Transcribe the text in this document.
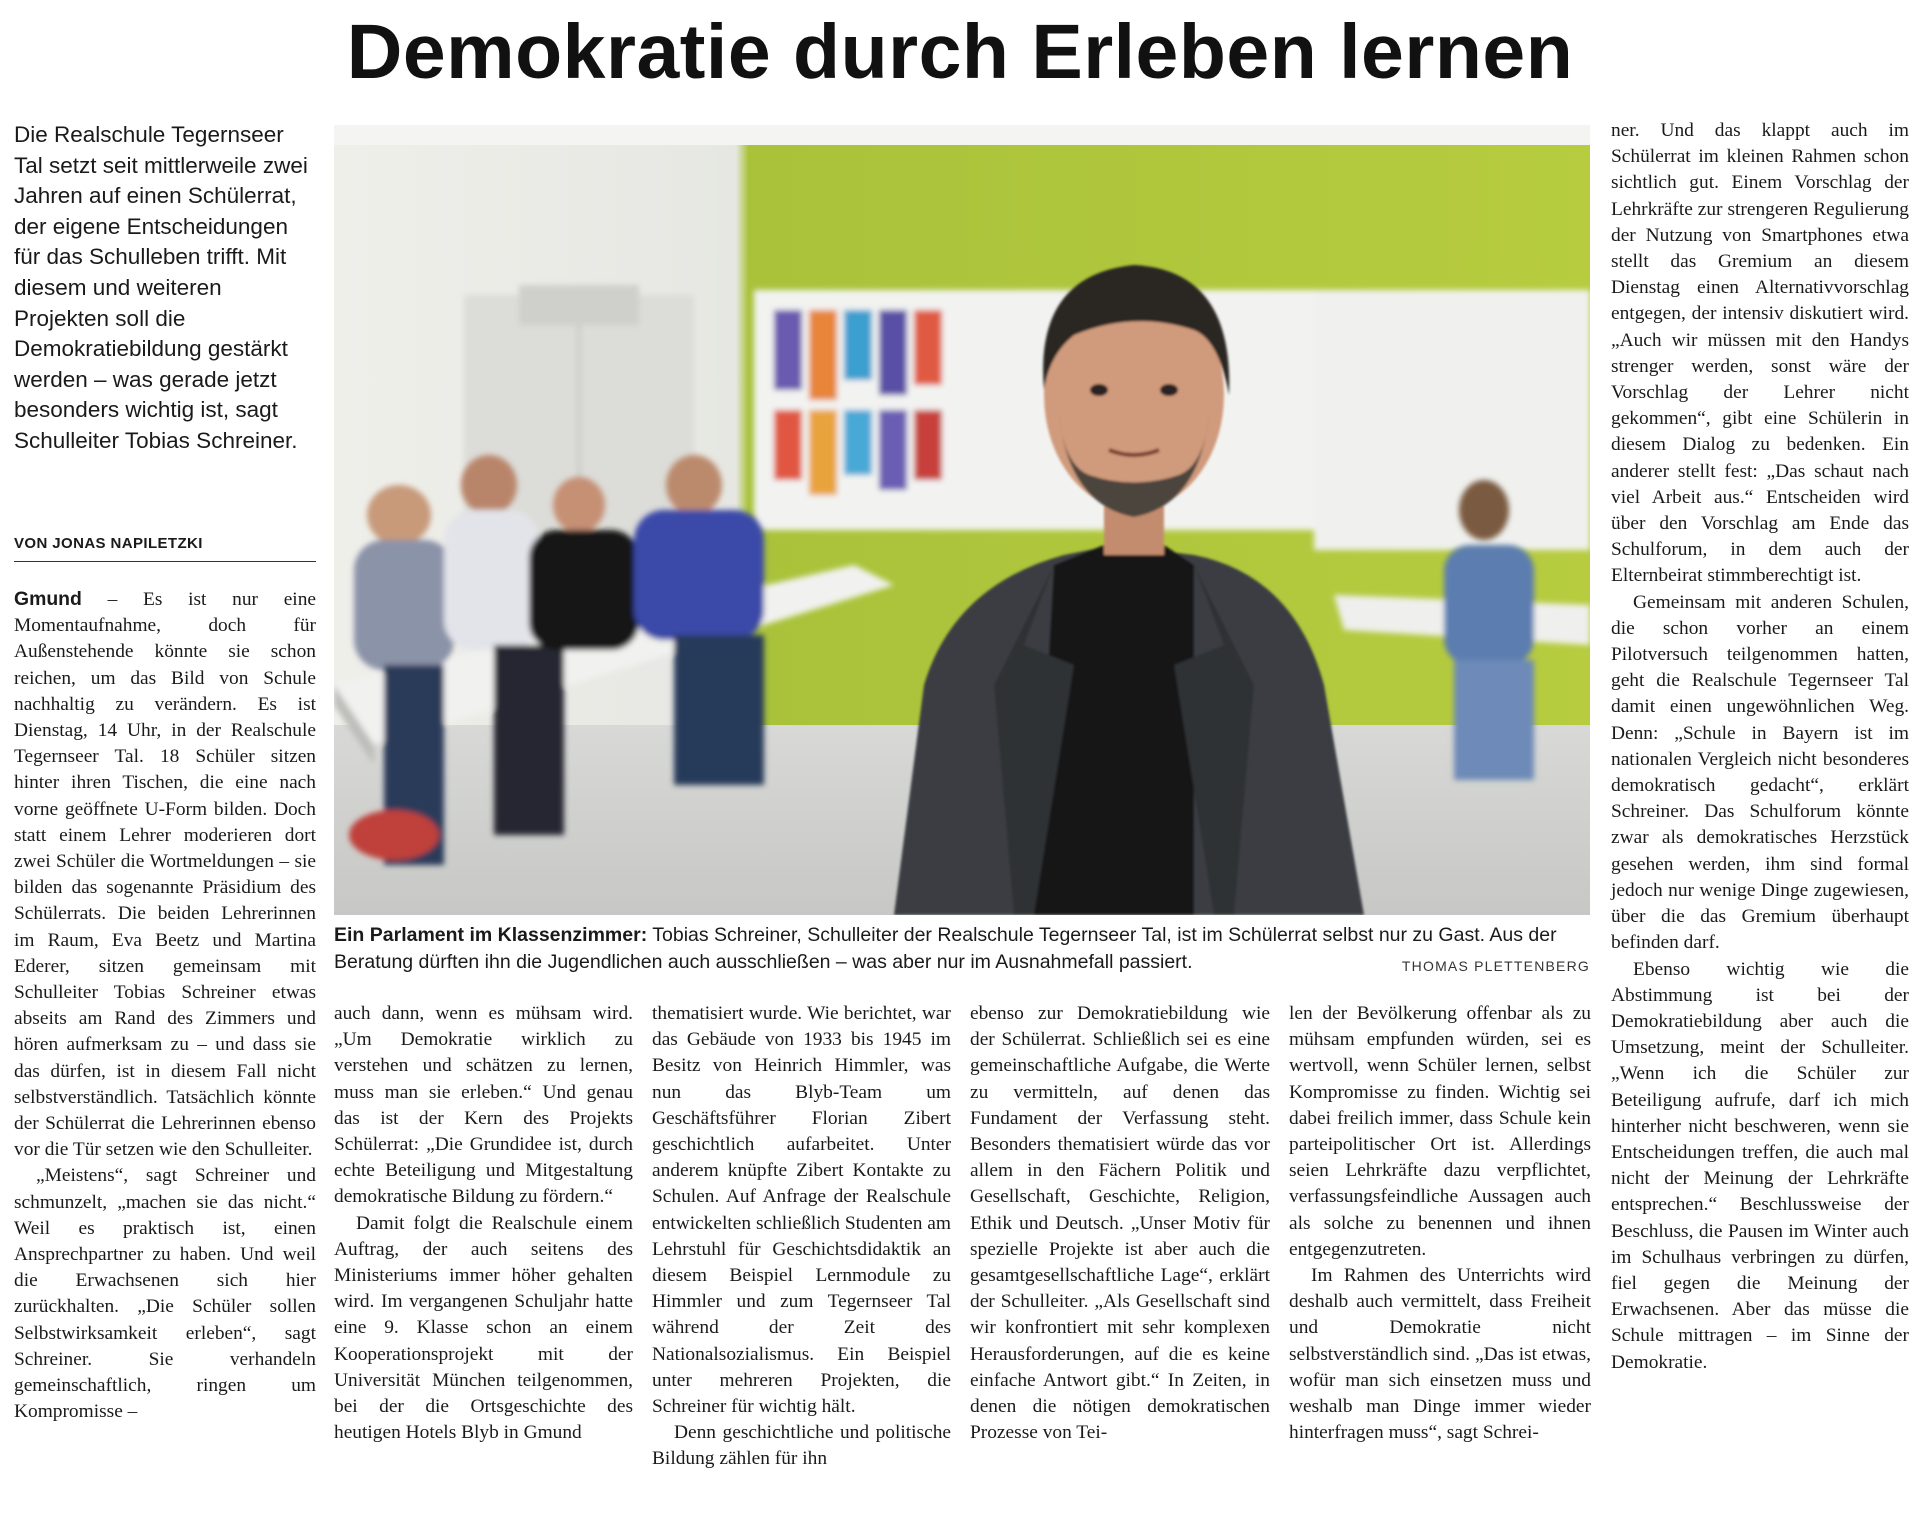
Demokratie durch Erleben lernen

Die Realschule Tegernseer Tal setzt seit mittlerweile zwei Jahren auf einen Schülerrat, der eigene Entscheidungen für das Schulleben trifft. Mit diesem und weiteren Projekten soll die Demokratiebildung gestärkt werden – was gerade jetzt besonders wichtig ist, sagt Schulleiter Tobias Schreiner.

VON JONAS NAPILETZKI

Gmund – Es ist nur eine Momentaufnahme, doch für Außenstehende könnte sie schon reichen, um das Bild von Schule nachhaltig zu verändern. Es ist Dienstag, 14 Uhr, in der Realschule Tegernseer Tal. 18 Schüler sitzen hinter ihren Tischen, die eine nach vorne geöffnete U-Form bilden. Doch statt einem Lehrer moderieren dort zwei Schüler die Wortmeldungen – sie bilden das sogenannte Präsidium des Schülerrats. Die beiden Lehrerinnen im Raum, Eva Beetz und Martina Ederer, sitzen gemeinsam mit Schulleiter Tobias Schreiner etwas abseits am Rand des Zimmers und hören aufmerksam zu – und dass sie das dürfen, ist in diesem Fall nicht selbstverständlich. Tatsächlich könnte der Schülerrat die Lehrerinnen ebenso vor die Tür setzen wie den Schulleiter.

„Meistens“, sagt Schreiner und schmunzelt, „machen sie das nicht.“ Weil es praktisch ist, einen Ansprechpartner zu haben. Und weil die Erwachsenen sich hier zurückhalten. „Die Schüler sollen Selbstwirksamkeit erleben“, sagt Schreiner. Sie verhandeln gemeinschaftlich, ringen um Kompromisse –

Ein Parlament im Klassenzimmer: Tobias Schreiner, Schulleiter der Realschule Tegernseer Tal, ist im Schülerrat selbst nur zu Gast. Aus der Beratung dürften ihn die Jugendlichen auch ausschließen – was aber nur im Ausnahmefall passiert.	THOMAS PLETTENBERG

auch dann, wenn es mühsam wird. „Um Demokratie wirklich zu verstehen und schätzen zu lernen, muss man sie erleben.“ Und genau das ist der Kern des Projekts Schülerrat: „Die Grundidee ist, durch echte Beteiligung und Mitgestaltung demokratische Bildung zu fördern.“

Damit folgt die Realschule einem Auftrag, der auch seitens des Ministeriums immer höher gehalten wird. Im vergangenen Schuljahr hatte eine 9. Klasse schon an einem Kooperationsprojekt mit der Universität München teilgenommen, bei der die Ortsgeschichte des heutigen Hotels Blyb in Gmund

thematisiert wurde. Wie berichtet, war das Gebäude von 1933 bis 1945 im Besitz von Heinrich Himmler, was nun das Blyb-Team um Geschäftsführer Florian Zibert geschichtlich aufarbeitet. Unter anderem knüpfte Zibert Kontakte zu Schulen. Auf Anfrage der Realschule entwickelten schließlich Studenten am Lehrstuhl für Geschichtsdidaktik an diesem Beispiel Lernmodule zu Himmler und zum Tegernseer Tal während der Zeit des Nationalsozialismus. Ein Beispiel unter mehreren Projekten, die Schreiner für wichtig hält.

Denn geschichtliche und politische Bildung zählen für ihn

ebenso zur Demokratiebildung wie der Schülerrat. Schließlich sei es eine gemeinschaftliche Aufgabe, die Werte zu vermitteln, auf denen das Fundament der Verfassung steht. Besonders thematisiert würde das vor allem in den Fächern Politik und Gesellschaft, Geschichte, Religion, Ethik und Deutsch. „Unser Motiv für spezielle Projekte ist aber auch die gesamtgesellschaftliche Lage“, erklärt der Schulleiter. „Als Gesellschaft sind wir konfrontiert mit sehr komplexen Herausforderungen, auf die es keine einfache Antwort gibt.“ In Zeiten, in denen die nötigen demokratischen Prozesse von Tei-

len der Bevölkerung offenbar als zu mühsam empfunden würden, sei es wertvoll, wenn Schüler lernen, selbst Kompromisse zu finden. Wichtig sei dabei freilich immer, dass Schule kein parteipolitischer Ort ist. Allerdings seien Lehrkräfte dazu verpflichtet, verfassungsfeindliche Aussagen auch als solche zu benennen und ihnen entgegenzutreten.

Im Rahmen des Unterrichts wird deshalb auch vermittelt, dass Freiheit und Demokratie nicht selbstverständlich sind. „Das ist etwas, wofür man sich einsetzen muss und weshalb man Dinge immer wieder hinterfragen muss“, sagt Schrei-

ner. Und das klappt auch im Schülerrat im kleinen Rahmen schon sichtlich gut. Einem Vorschlag der Lehrkräfte zur strengeren Regulierung der Nutzung von Smartphones etwa stellt das Gremium an diesem Dienstag einen Alternativvorschlag entgegen, der intensiv diskutiert wird. „Auch wir müssen mit den Handys strenger werden, sonst wäre der Vorschlag der Lehrer nicht gekommen“, gibt eine Schülerin in diesem Dialog zu bedenken. Ein anderer stellt fest: „Das schaut nach viel Arbeit aus.“ Entscheiden wird über den Vorschlag am Ende das Schulforum, in dem auch der Elternbeirat stimmberechtigt ist.

Gemeinsam mit anderen Schulen, die schon vorher an einem Pilotversuch teilgenommen hatten, geht die Realschule Tegernseer Tal damit einen ungewöhnlichen Weg. Denn: „Schule in Bayern ist im nationalen Vergleich nicht besonderes demokratisch gedacht“, erklärt Schreiner. Das Schulforum könnte zwar als demokratisches Herzstück gesehen werden, ihm sind formal jedoch nur wenige Dinge zugewiesen, über die das Gremium überhaupt befinden darf.

Ebenso wichtig wie die Abstimmung ist bei der Demokratiebildung aber auch die Umsetzung, meint der Schulleiter. „Wenn ich die Schüler zur Beteiligung aufrufe, darf ich mich hinterher nicht beschweren, wenn sie Entscheidungen treffen, die auch mal nicht der Meinung der Lehrkräfte entsprechen.“ Beschlussweise der Beschluss, die Pausen im Winter auch im Schulhaus verbringen zu dürfen, fiel gegen die Meinung der Erwachsenen. Aber das müsse die Schule mittragen – im Sinne der Demokratie.
